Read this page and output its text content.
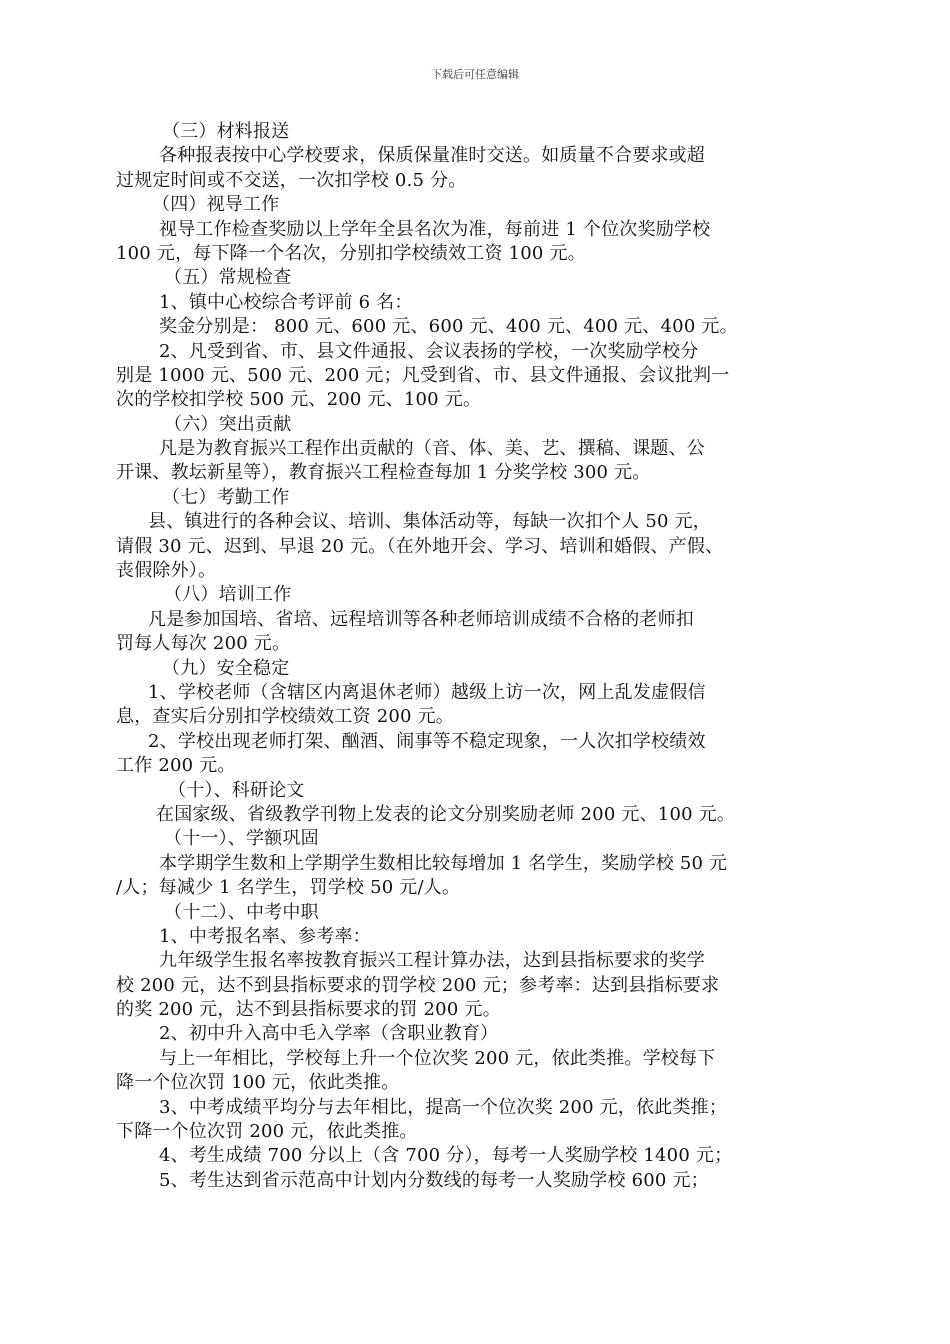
下载后可任意编辑
（三）材料报送
各种报表按中心学校要求，保质保量准时交送。如质量不合要求或超
过规定时间或不交送，一次扣学校 0.5 分。
（四）视导工作
视导工作检查奖励以上学年全县名次为准，每前进 1 个位次奖励学校
100 元，每下降一个名次，分别扣学校绩效工资 100 元。
（五）常规检查
1、镇中心校综合考评前 6 名：
奖金分别是： 800 元、600 元、600 元、400 元、400 元、400 元。
2、凡受到省、市、县文件通报、会议表扬的学校，一次奖励学校分
别是 1000 元、500 元、200 元；凡受到省、市、县文件通报、会议批判一
次的学校扣学校 500 元、200 元、100 元。
（六）突出贡献
凡是为教育振兴工程作出贡献的（音、体、美、艺、撰稿、课题、公
开课、教坛新星等），教育振兴工程检查每加 1 分奖学校 300 元。
（七）考勤工作
县、镇进行的各种会议、培训、集体活动等，每缺一次扣个人 50 元，
请假 30 元、迟到、早退 20 元。（在外地开会、学习、培训和婚假、产假、
丧假除外）。
（八）培训工作
凡是参加国培、省培、远程培训等各种老师培训成绩不合格的老师扣
罚每人每次 200 元。
（九）安全稳定
1、学校老师（含辖区内离退休老师）越级上访一次，网上乱发虚假信
息，查实后分别扣学校绩效工资 200 元。
2、学校出现老师打架、酗酒、闹事等不稳定现象，一人次扣学校绩效
工作 200 元。
（十）、科研论文
在国家级、省级教学刊物上发表的论文分别奖励老师 200 元、100 元。
（十一）、学额巩固
本学期学生数和上学期学生数相比较每增加 1 名学生，奖励学校 50 元
/人；每减少 1 名学生，罚学校 50 元/人。
（十二）、中考中职
1、中考报名率、参考率：
九年级学生报名率按教育振兴工程计算办法，达到县指标要求的奖学
校 200 元，达不到县指标要求的罚学校 200 元；参考率：达到县指标要求
的奖 200 元，达不到县指标要求的罚 200 元。
2、初中升入高中毛入学率（含职业教育）
与上一年相比，学校每上升一个位次奖 200 元，依此类推。学校每下
降一个位次罚 100 元，依此类推。
3、中考成绩平均分与去年相比，提高一个位次奖 200 元，依此类推；
下降一个位次罚 200 元，依此类推。
4、考生成绩 700 分以上（含 700 分），每考一人奖励学校 1400 元；
5、考生达到省示范高中计划内分数线的每考一人奖励学校 600 元；
